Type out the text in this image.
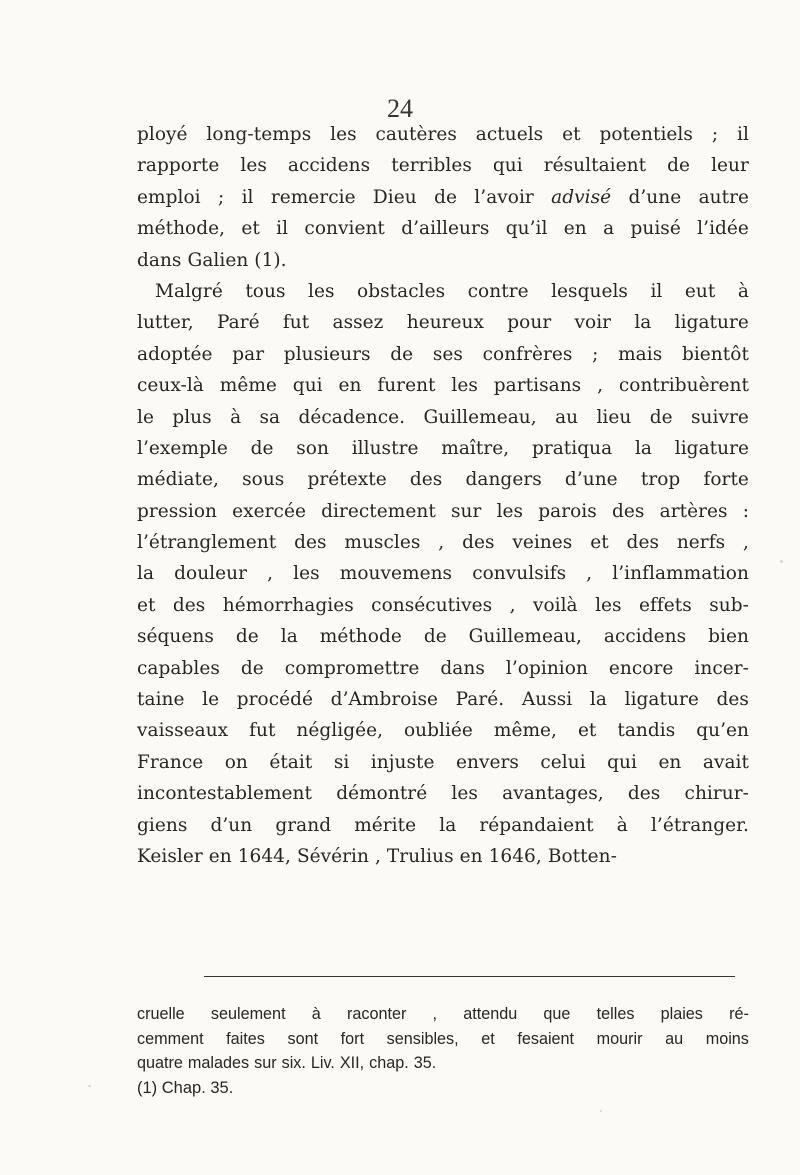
24
ployé long-temps les cautères actuels et potentiels ; il
rapporte les accidens terribles qui résultaient de leur
emploi ; il remercie Dieu de l’avoir advisé d’une autre
méthode, et il convient d’ailleurs qu’il en a puisé l’idée
dans Galien (1).
Malgré tous les obstacles contre lesquels il eut à
lutter, Paré fut assez heureux pour voir la ligature
adoptée par plusieurs de ses confrères ; mais bientôt
ceux-là même qui en furent les partisans , contribuèrent
le plus à sa décadence. Guillemeau, au lieu de suivre
l’exemple de son illustre maître, pratiqua la ligature
médiate, sous prétexte des dangers d’une trop forte
pression exercée directement sur les parois des artères :
l’étranglement des muscles , des veines et des nerfs ,
la douleur , les mouvemens convulsifs , l’inflammation
et des hémorrhagies consécutives , voilà les effets sub-
séquens de la méthode de Guillemeau, accidens bien
capables de compromettre dans l’opinion encore incer-
taine le procédé d’Ambroise Paré. Aussi la ligature des
vaisseaux fut négligée, oubliée même, et tandis qu’en
France on était si injuste envers celui qui en avait
incontestablement démontré les avantages, des chirur-
giens d’un grand mérite la répandaient à l’étranger.
Keisler en 1644, Sévérin , Trulius en 1646, Botten-
cruelle seulement à raconter , attendu que telles plaies ré-
cemment faites sont fort sensibles, et fesaient mourir au moins
quatre malades sur six. Liv. XII, chap. 35.
(1) Chap. 35.
